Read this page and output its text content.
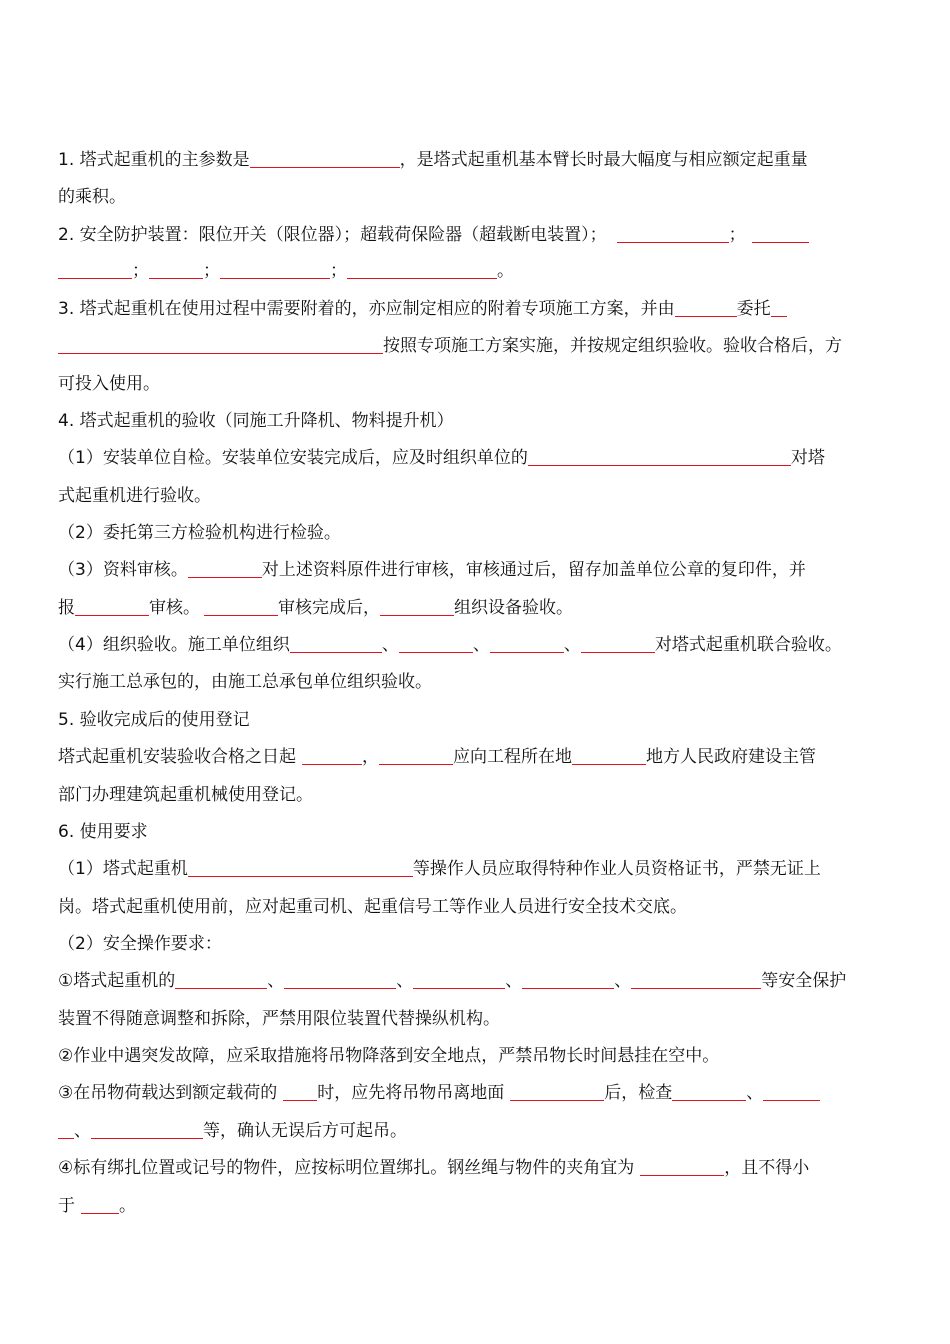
1. 塔式起重机的主参数是	，是塔式起重机基本臂长时最大幅度与相应额定起重量
的乘积。
2. 安全防护装置：限位开关（限位器）；超载荷保险器（超载断电装置）；	；
；	；	；	。
3. 塔式起重机在使用过程中需要附着的，亦应制定相应的附着专项施工方案，并由	委托
按照专项施工方案实施，并按规定组织验收。验收合格后，方
可投入使用。
4. 塔式起重机的验收（同施工升降机、物料提升机）
（1）安装单位自检。安装单位安装完成后，应及时组织单位的	对塔
式起重机进行验收。
（2）委托第三方检验机构进行检验。
（3）资料审核。	对上述资料原件进行审核，审核通过后，留存加盖单位公章的复印件，并
报	审核。	审核完成后，	组织设备验收。
（4）组织验收。施工单位组织	、	、	、	对塔式起重机联合验收。
实行施工总承包的，由施工总承包单位组织验收。
5. 验收完成后的使用登记
塔式起重机安装验收合格之日起	，	应向工程所在地	地方人民政府建设主管
部门办理建筑起重机械使用登记。
6. 使用要求
（1）塔式起重机	等操作人员应取得特种作业人员资格证书，严禁无证上
岗。塔式起重机使用前，应对起重司机、起重信号工等作业人员进行安全技术交底。
（2）安全操作要求：
①塔式起重机的	、	、	、	、	等安全保护
装置不得随意调整和拆除，严禁用限位装置代替操纵机构。
②作业中遇突发故障，应采取措施将吊物降落到安全地点，严禁吊物长时间悬挂在空中。
③在吊物荷载达到额定载荷的 时，应先将吊物吊离地面	后，检查	、
、	等，确认无误后方可起吊。
④标有绑扎位置或记号的物件，应按标明位置绑扎。钢丝绳与物件的夹角宜为	，且不得小
于	。
